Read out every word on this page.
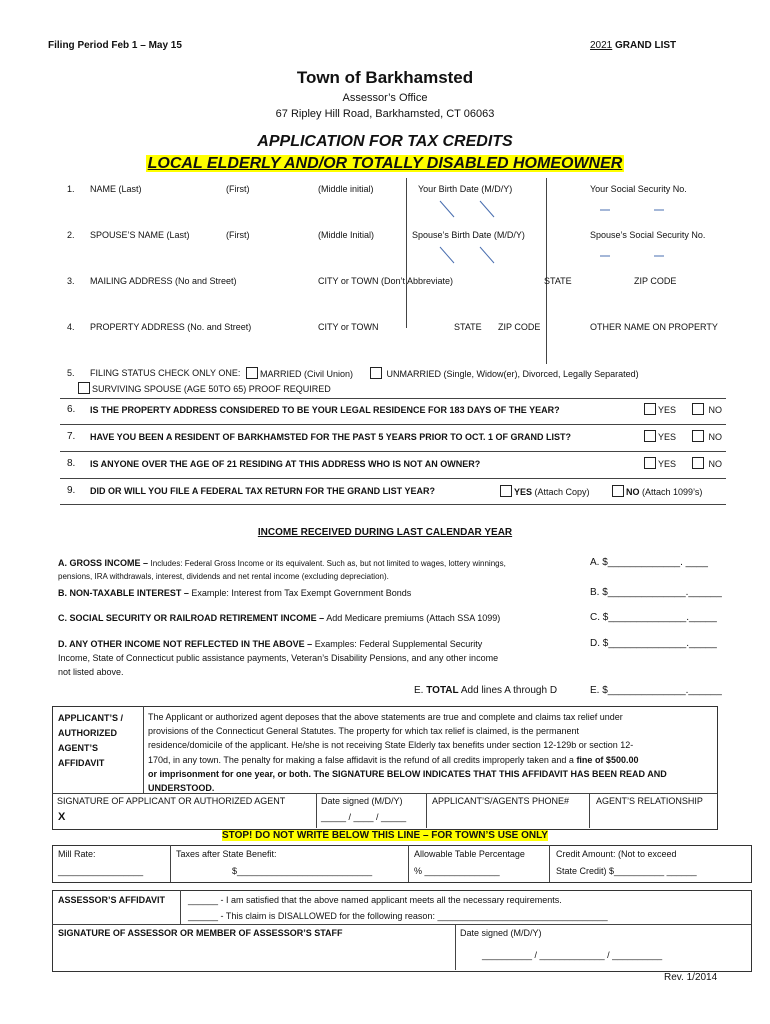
Filing Period Feb 1 – May 15	2021 GRAND LIST
Town of Barkhamsted
Assessor’s Office
67 Ripley Hill Road, Barkhamsted, CT 06063
APPLICATION FOR TAX CREDITS
LOCAL ELDERLY AND/OR TOTALLY DISABLED HOMEOWNER
1. NAME (Last)	(First)	(Middle initial)	Your Birth Date (M/D/Y)	Your Social Security No.
2. SPOUSE’S NAME (Last)	(First)	(Middle Initial)	Spouse’s Birth Date (M/D/Y)	Spouse’s Social Security No.
3. MAILING ADDRESS (No and Street)	CITY or TOWN (Don’t Abbreviate)	STATE	ZIP CODE
4. PROPERTY ADDRESS (No. and Street)	CITY or TOWN	STATE ZIP CODE	OTHER NAME ON PROPERTY
5. FILING STATUS CHECK ONLY ONE:	MARRIED (Civil Union)	UNMARRIED (Single, Widow(er), Divorced, Legally Separated)
SURVIVING SPOUSE (AGE 50TO 65) PROOF REQUIRED
6. IS THE PROPERTY ADDRESS CONSIDERED TO BE YOUR LEGAL RESIDENCE FOR 183 DAYS OF THE YEAR?	YES	NO
7. HAVE YOU BEEN A RESIDENT OF BARKHAMSTED FOR THE PAST 5 YEARS PRIOR TO OCT. 1 OF GRAND LIST?	YES	NO
8. IS ANYONE OVER THE AGE OF 21 RESIDING AT THIS ADDRESS WHO IS NOT AN OWNER?	YES	NO
9. DID OR WILL YOU FILE A FEDERAL TAX RETURN FOR THE GRAND LIST YEAR?	YES (Attach Copy)	NO (Attach 1099’s)
INCOME RECEIVED DURING LAST CALENDAR YEAR
A. GROSS INCOME – Includes: Federal Gross Income or its equivalent. Such as, but not limited to wages, lottery winnings,
pensions, IRA withdrawals, interest, dividends and net rental income (excluding depreciation).
A. $_____________. ____
B. NON-TAXABLE INTEREST – Example: Interest from Tax Exempt Government Bonds	B. $______________.______
C. SOCIAL SECURITY OR RAILROAD RETIREMENT INCOME – Add Medicare premiums (Attach SSA 1099)	C. $______________._____
D. ANY OTHER INCOME NOT REFLECTED IN THE ABOVE – Examples: Federal Supplemental Security
Income, State of Connecticut public assistance payments, Veteran’s Disability Pensions, and any other income
not listed above.
D. $______________._____
E. TOTAL Add lines A through D	E. $______________.______
APPLICANT’S /
AUTHORIZED
AGENT’S
AFFIDAVIT
The Applicant or authorized agent deposes that the above statements are true and complete and claims tax relief under
provisions of the Connecticut General Statutes. The property for which tax relief is claimed, is the permanent
residence/domicile of the applicant. He/she is not receiving State Elderly tax benefits under section 12-129b or section 12-
170d, in any town. The penalty for making a false affidavit is the refund of all credits improperly taken and a fine of $500.00
or imprisonment for one year, or both. The SIGNATURE BELOW INDICATES THAT THIS AFFIDAVIT HAS BEEN READ AND
UNDERSTOOD.
SIGNATURE OF APPLICANT OR AUTHORIZED AGENT
X
Date signed (M/D/Y)
_____ / ____ / _____
APPLICANT’S/AGENTS PHONE#	AGENT’S RELATIONSHIP
STOP! DO NOT WRITE BELOW THIS LINE – FOR TOWN’S USE ONLY
Mill Rate:
_________________
Taxes after State Benefit:
$___________________________
Allowable Table Percentage
% _______________
Credit Amount: (Not to exceed
State Credit) $__________ ______
ASSESSOR’S AFFIDAVIT	______ - I am satisfied that the above named applicant meets all the necessary requirements.
______ - This claim is DISALLOWED for the following reason: __________________________________
SIGNATURE OF ASSESSOR OR MEMBER OF ASSESSOR’S STAFF	Date signed (M/D/Y)
__________ / _____________ / __________
Rev. 1/2014
